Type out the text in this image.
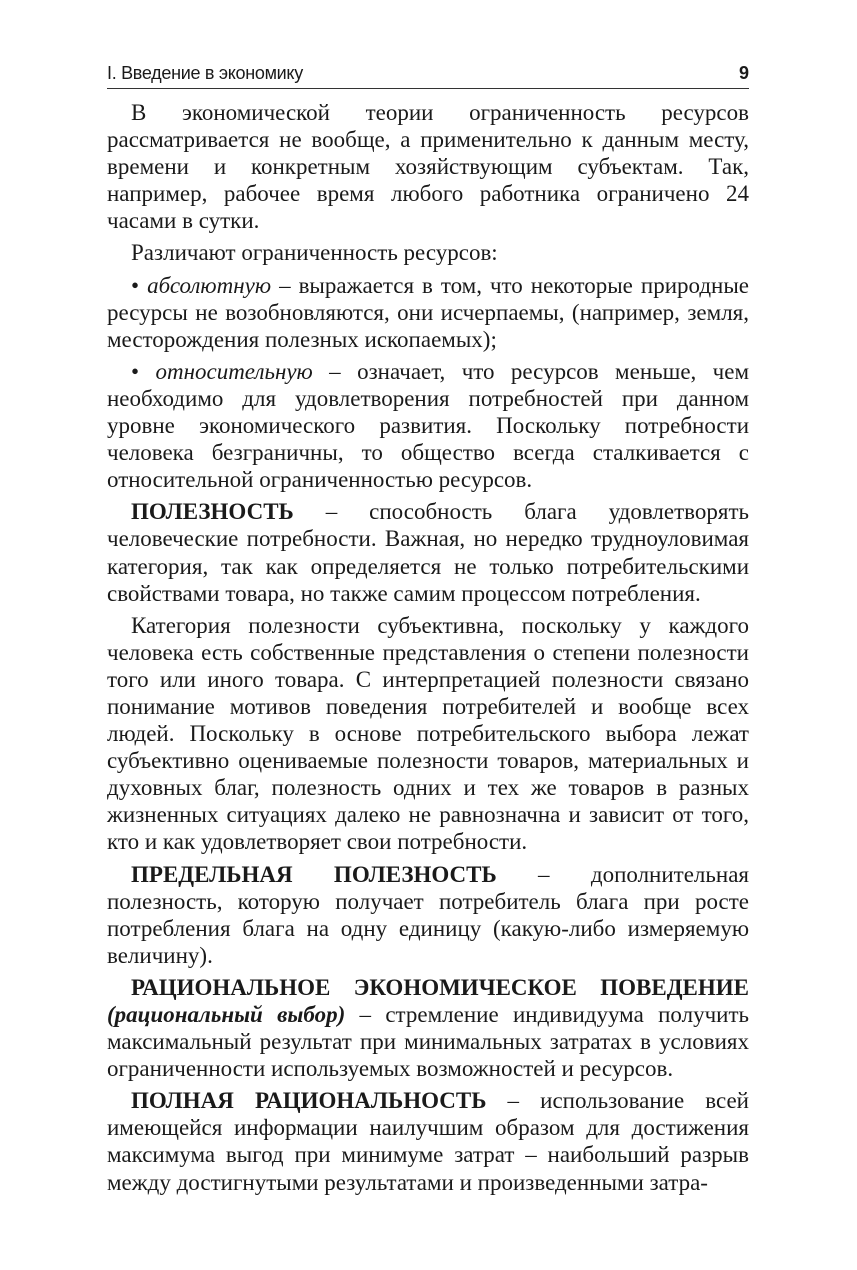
I. Введение в экономику	9

В экономической теории ограниченность ресурсов рассматривается не вообще, а применительно к данным месту, времени и конкретным хозяйствующим субъектам. Так, например, рабочее время любого работника ограничено 24 часами в сутки.

Различают ограниченность ресурсов:

• абсолютную – выражается в том, что некоторые природные ресурсы не возобновляются, они исчерпаемы, (например, земля, месторождения полезных ископаемых);

• относительную – означает, что ресурсов меньше, чем необходимо для удовлетворения потребностей при данном уровне экономического развития. Поскольку потребности человека безграничны, то общество всегда сталкивается с относительной ограниченностью ресурсов.

ПОЛЕЗНОСТЬ – способность блага удовлетворять человеческие потребности. Важная, но нередко трудноуловимая категория, так как определяется не только потребительскими свойствами товара, но также самим процессом потребления.

Категория полезности субъективна, поскольку у каждого человека есть собственные представления о степени полезности того или иного товара. С интерпретацией полезности связано понимание мотивов поведения потребителей и вообще всех людей. Поскольку в основе потребительского выбора лежат субъективно оцениваемые полезности товаров, материальных и духовных благ, полезность одних и тех же товаров в разных жизненных ситуациях далеко не равнозначна и зависит от того, кто и как удовлетворяет свои потребности.

ПРЕДЕЛЬНАЯ ПОЛЕЗНОСТЬ – дополнительная полезность, которую получает потребитель блага при росте потребления блага на одну единицу (какую-либо измеряемую величину).

РАЦИОНАЛЬНОЕ ЭКОНОМИЧЕСКОЕ ПОВЕДЕНИЕ (рациональный выбор) – стремление индивидуума получить максимальный результат при минимальных затратах в условиях ограниченности используемых возможностей и ресурсов.

ПОЛНАЯ РАЦИОНАЛЬНОСТЬ – использование всей имеющейся информации наилучшим образом для достижения максимума выгод при минимуме затрат – наибольший разрыв между достигнутыми результатами и произведенными затра-
